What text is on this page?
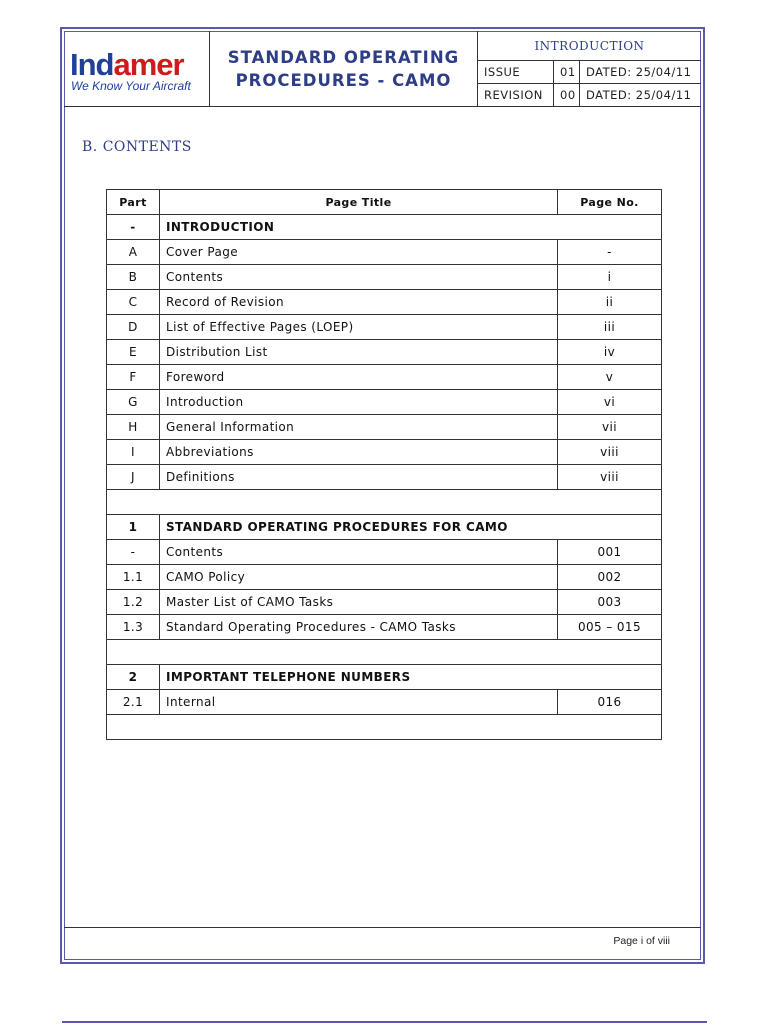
Indamer
We Know Your Aircraft
STANDARD OPERATING
PROCEDURES - CAMO
INTRODUCTION
ISSUE	01 DATED: 25/04/11
REVISION	00 DATED: 25/04/11
B. CONTENTS
Part	Page Title	Page No.
-	INTRODUCTION	
A	Cover Page	-
B	Contents	i
C	Record of Revision	ii
D	List of Effective Pages (LOEP)	iii
E	Distribution List	iv
F	Foreword	v
G	Introduction	vi
H	General Information	vii
I	Abbreviations	viii
J	Definitions	viii

1	STANDARD OPERATING PROCEDURES FOR CAMO	
-	Contents	001
1.1	CAMO Policy	002
1.2	Master List of CAMO Tasks	003
1.3	Standard Operating Procedures - CAMO Tasks	005 – 015

2	IMPORTANT TELEPHONE NUMBERS	
2.1	Internal	016

Page i of viii
